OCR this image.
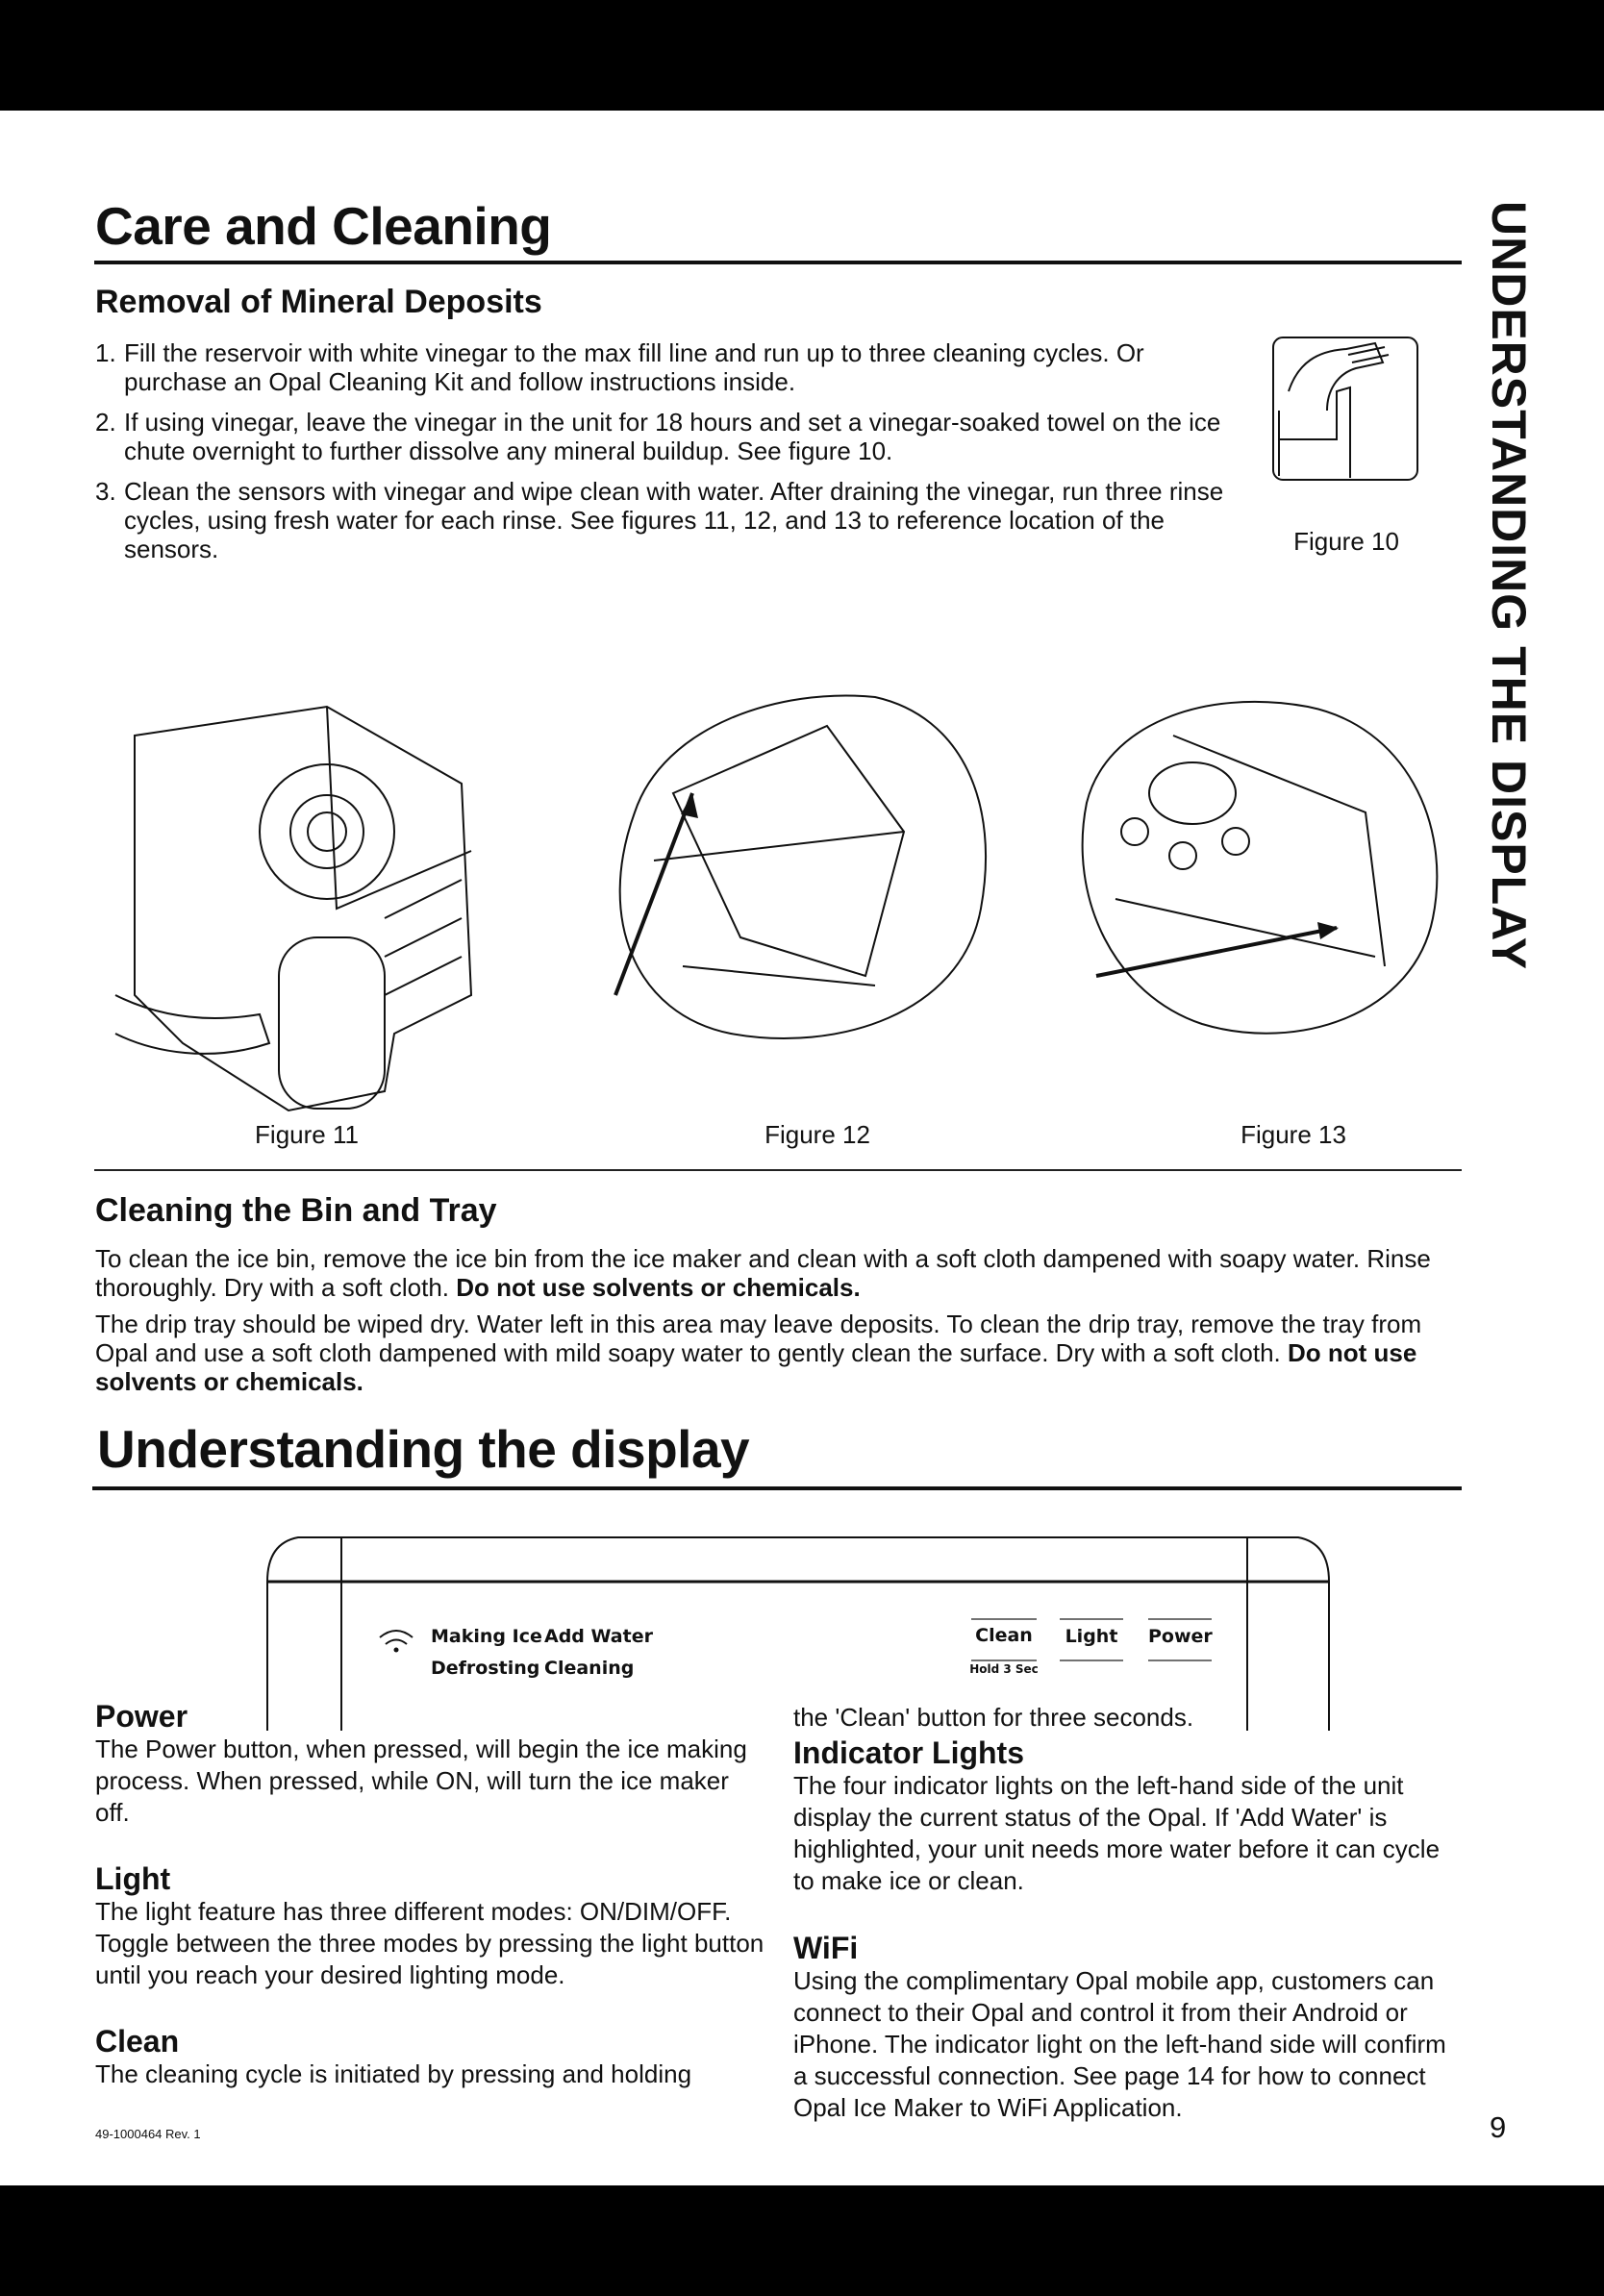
UNDERSTANDING THE DISPLAY
Care and Cleaning
Removal of Mineral Deposits
1. Fill the reservoir with white vinegar to the max fill line and run up to three cleaning cycles. Or purchase an Opal Cleaning Kit and follow instructions inside.
2. If using vinegar, leave the vinegar in the unit for 18 hours and set a vinegar-soaked towel on the ice chute overnight to further dissolve any mineral buildup. See figure 10.
3. Clean the sensors with vinegar and wipe clean with water. After draining the vinegar, run three rinse cycles, using fresh water for each rinse. See figures 11, 12, and 13 to reference location of the sensors.	Figure 10
Figure 11	Figure 12	Figure 13
Cleaning the Bin and Tray
To clean the ice bin, remove the ice bin from the ice maker and clean with a soft cloth dampened with soapy water. Rinse thoroughly. Dry with a soft cloth. Do not use solvents or chemicals.
The drip tray should be wiped dry. Water left in this area may leave deposits. To clean the drip tray, remove the tray from Opal and use a soft cloth dampened with mild soapy water to gently clean the surface. Dry with a soft cloth. Do not use solvents or chemicals.
Understanding the display
Making Ice Add Water
Defrosting Cleaning
Clean
Hold 3 Sec
Light Power
Power

The Power button, when pressed, will begin the ice making process. When pressed, while ON, will turn the ice maker off.

Light

The light feature has three different modes: ON/DIM/OFF. Toggle between the three modes by pressing the light button until you reach your desired lighting mode.

Clean

The cleaning cycle is initiated by pressing and holding

the 'Clean' button for three seconds.

Indicator Lights

The four indicator lights on the left-hand side of the unit display the current status of the Opal. If 'Add Water' is highlighted, your unit needs more water before it can cycle to make ice or clean.

WiFi

Using the complimentary Opal mobile app, customers can connect to their Opal and control it from their Android or iPhone. The indicator light on the left-hand side will confirm a successful connection. See page 14 for how to connect Opal Ice Maker to WiFi Application.

49-1000464 Rev. 1	9
